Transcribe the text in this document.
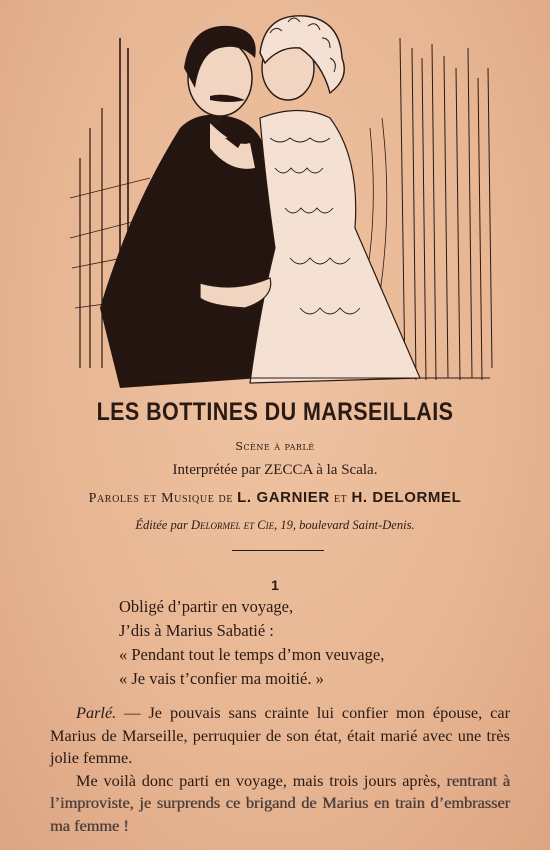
LES BOTTINES DU MARSEILLAIS
Scène à parlé
Interprétée par ZECCA à la Scala.
Paroles et Musique de L. GARNIER et H. DELORMEL
Éditée par Delormel et Cie, 19, boulevard Saint-Denis.
1
Obligé d’partir en voyage,
J’dis à Marius Sabatié :
« Pendant tout le temps d’mon veuvage,
« Je vais t’confier ma moitié. »

Parlé. — Je pouvais sans crainte lui confier mon épouse, car Marius de Marseille, perruquier de son état, était marié avec une très jolie femme.

Me voilà donc parti en voyage, mais trois jours après, rentrant à l’improviste, je surprends ce brigand de Marius en train d’embrasser ma femme !
